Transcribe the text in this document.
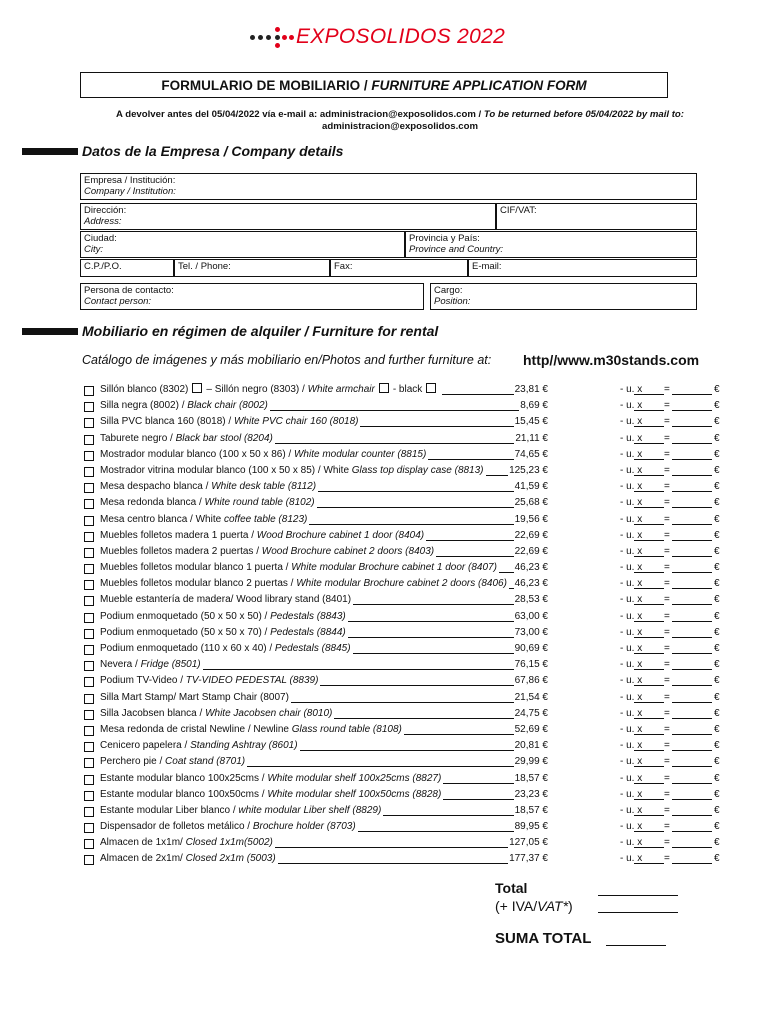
EXPOSOLIDOS 2022
FORMULARIO DE MOBILIARIO /
FURNITURE APPLICATION FORM
A devolver antes del 05/04/2022 vía e-mail a: administracion@exposolidos.com / To be returned before 05/04/2022 by mail to:
administracion@exposolidos.com
Datos de la Empresa / Company details
Empresa / Institución:
Company / Institution:
Dirección:
Address:
CIF/VAT:
Ciudad:
City:
Provincia y País:
Province and Country:
C.P./P.O.	Tel. / Phone:	Fax:	E-mail:
Persona de contacto:
Contact person:
Cargo:
Position:
Mobiliario en régimen de alquiler / Furniture for rental
Catálogo de imágenes y más mobiliario en/Photos and further furniture at: http//www.m30stands.com
Sillón blanco (8302) – Sillón negro (8303) / White armchair - black	23,81 €	- u. x =	€
Silla negra (8002) / Black chair (8002)	8,69 €	- u. x =	€
Silla PVC blanca 160 (8018) / White PVC chair 160 (8018)	15,45 €	- u. x =	€
Taburete negro / Black bar stool (8204)	21,11 €	- u. x =	€
Mostrador modular blanco (100 x 50 x 86) / White modular counter (8815)	74,65 €	- u. x =	€
Mostrador vitrina modular blanco (100 x 50 x 85) / White Glass top display case (8813)	125,23 €	- u. x =	€
Mesa despacho blanca / White desk table (8112)	41,59 €	- u. x =	€
Mesa redonda blanca / White round table (8102)	25,68 €	- u. x =	€
Mesa centro blanca / White coffee table (8123)	19,56 €	- u. x =	€
Muebles folletos madera 1 puerta / Wood Brochure cabinet 1 door (8404)	22,69 €	- u. x =	€
Muebles folletos madera 2 puertas / Wood Brochure cabinet 2 doors (8403)	22,69 €	- u. x =	€
Muebles folletos modular blanco 1 puerta / White modular Brochure cabinet 1 door (8407) 46,23 €	- u. x =	€
Muebles folletos modular blanco 2 puertas / White modular Brochure cabinet 2 doors (8406) 46,23 €	- u. x =	€
Mueble estantería de madera/ Wood library stand (8401)	28,53 €	- u. x =	€
Podium enmoquetado (50 x 50 x 50) / Pedestals (8843)	63,00 €	- u. x =	€
Podium enmoquetado (50 x 50 x 70) / Pedestals (8844)	73,00 €	- u. x =	€
Podium enmoquetado (110 x 60 x 40) / Pedestals (8845)	90,69 €	- u. x =	€
Nevera / Fridge (8501)	76,15 €	- u. x =	€
Podium TV-Video / TV-VIDEO PEDESTAL (8839)	67,86 €	- u. x =	€
Silla Mart Stamp/ Mart Stamp Chair (8007)	21,54 €	- u. x =	€
Silla Jacobsen blanca / White Jacobsen chair (8010)	24,75 €	- u. x =	€
Mesa redonda de cristal Newline / Newline Glass round table (8108)	52,69 €	- u. x =	€
Cenicero papelera / Standing Ashtray (8601)	20,81 €	- u. x =	€
Perchero pie / Coat stand (8701)	29,99 €	- u. x =	€
Estante modular blanco 100x25cms / White modular shelf 100x25cms (8827)	18,57 €	- u. x =	€
Estante modular blanco 100x50cms / White modular shelf 100x50cms (8828)	23,23 €	- u. x =	€
Estante modular Liber blanco / white modular Liber shelf (8829)	18,57 €	- u. x =	€
Dispensador de folletos metálico / Brochure holder (8703)	89,95 €	- u. x =	€
Almacen de 1x1m/ Closed 1x1m(5002)	127,05 €	- u. x =	€
Almacen de 2x1m/ Closed 2x1m (5003)	177,37 €	- u. x =	€
Total
(+ IVA/VAT*)
SUMA TOTAL
